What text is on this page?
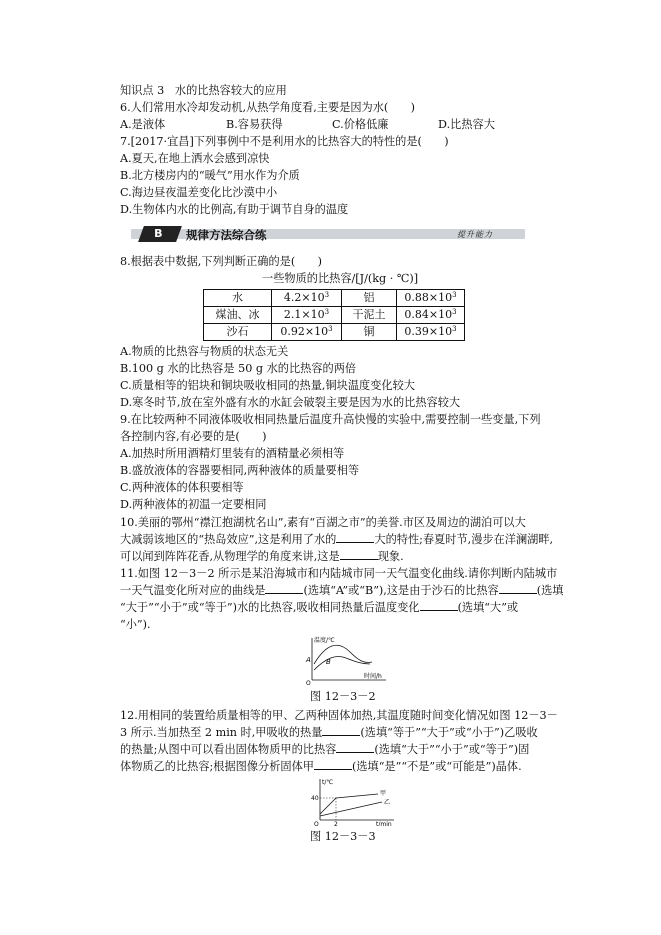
知识点 3 水的比热容较大的应用
6.人们常用水冷却发动机,从热学角度看,主要是因为水(　　)
A.是液体	B.容易获得	C.价格低廉	D.比热容大
7.[2017·宜昌]下列事例中不是利用水的比热容大的特性的是(　　)
A.夏天,在地上洒水会感到凉快
B.北方楼房内的“暖气”用水作为介质
C.海边昼夜温差变化比沙漠中小
D.生物体内水的比例高,有助于调节自身的温度
B 规律方法综合练	提升能力
8.根据表中数据,下列判断正确的是(　　)
一些物质的比热容/[J/(kg · ℃)]
水	$4.2\times 10^3$	铝	$0.88\times 10^3$
煤油、冰	$2.1\times 10^3$	干泥土	$0.84\times 10^3$
沙石	$0.92\times 10^3$	铜	$0.39\times 10^3$
A.物质的比热容与物质的状态无关
B.100 g 水的比热容是 50 g 水的比热容的两倍
C.质量相等的铝块和铜块吸收相同的热量,铜块温度变化较大
D.寒冬时节,放在室外盛有水的水缸会破裂主要是因为水的比热容较大
9.在比较两种不同液体吸收相同热量后温度升高快慢的实验中,需要控制一些变量,下列
各控制内容,有必要的是(　　)
A.加热时所用酒精灯里装有的酒精量必须相等
B.盛放液体的容器要相同,两种液体的质量要相等
C.两种液体的体积要相等
D.两种液体的初温一定要相同
10.美丽的鄂州“襟江抱湖枕名山”,素有“百湖之市”的美誉.市区及周边的湖泊可以大
大减弱该地区的“热岛效应”,这是利用了水的	大的特性;春夏时节,漫步在洋澜湖畔,
可以闻到阵阵花香,从物理学的角度来讲,这是	现象.
11.如图 12－3－2 所示是某沿海城市和内陆城市同一天气温变化曲线.请你判断内陆城市
一天气温变化所对应的曲线是	(选填“A”或“B”),这是由于沙石的比热容	(选填
“大于”“小于”或“等于”)水的比热容,吸收相同热量后温度变化	(选填“大”或
“小”).
温度/℃
A B
O
时间/h
图 12－3－2
12.用相同的装置给质量相等的甲、乙两种固体加热,其温度随时间变化情况如图 12－3－
3 所示.当加热至 2 min 时,甲吸收的热量	(选填“等于”“大于”或“小于”)乙吸收
的热量;从图中可以看出固体物质甲的比热容	(选填“大于”“小于”或“等于”)固
体物质乙的比热容;根据图像分析固体甲	(选填“是”“不是”或“可能是”)晶体.
t/℃
40
O	2	t/min
甲
乙
图 12－3－3
